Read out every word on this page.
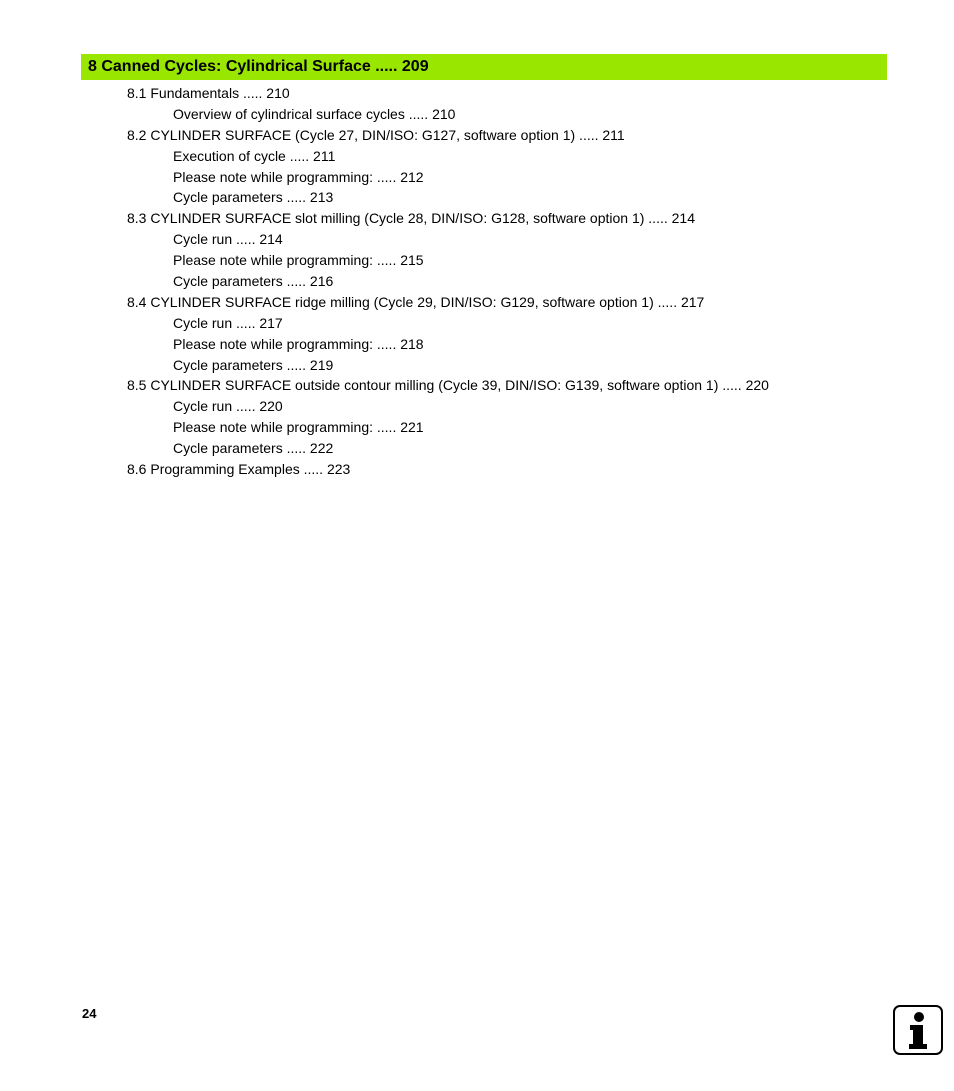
8 Canned Cycles: Cylindrical Surface ..... 209
8.1 Fundamentals ..... 210
Overview of cylindrical surface cycles ..... 210
8.2 CYLINDER SURFACE (Cycle 27, DIN/ISO: G127, software option 1) ..... 211
Execution of cycle ..... 211
Please note while programming: ..... 212
Cycle parameters ..... 213
8.3 CYLINDER SURFACE slot milling (Cycle 28, DIN/ISO: G128, software option 1) ..... 214
Cycle run ..... 214
Please note while programming: ..... 215
Cycle parameters ..... 216
8.4 CYLINDER SURFACE ridge milling (Cycle 29, DIN/ISO: G129, software option 1) ..... 217
Cycle run ..... 217
Please note while programming: ..... 218
Cycle parameters ..... 219
8.5 CYLINDER SURFACE outside contour milling (Cycle 39, DIN/ISO: G139, software option 1) ..... 220
Cycle run ..... 220
Please note while programming: ..... 221
Cycle parameters ..... 222
8.6 Programming Examples ..... 223
24
